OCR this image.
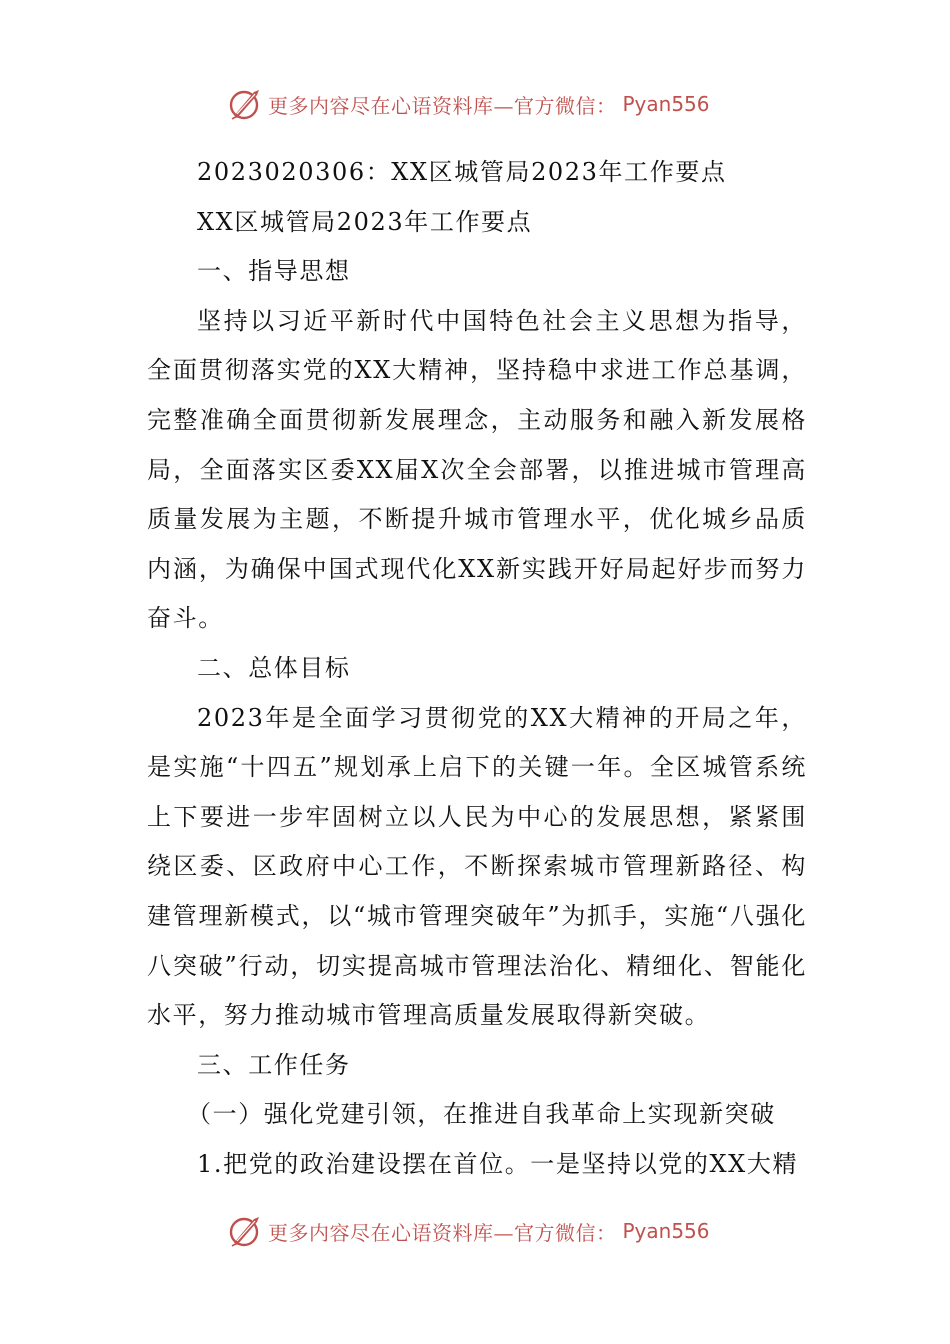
更多内容尽在心语资料库— 官方微信： Pyan556

2023020306：XX区城管局2023年工作要点

XX区城管局2023年工作要点

一、指导思想

坚持以习近平新时代中国特色社会主义思想为指导，全面贯彻落实党的XX大精神，坚持稳中求进工作总基调，完整准确全面贯彻新发展理念，主动服务和融入新发展格局，全面落实区委XX届X次全会部署，以推进城市管理高质量发展为主题，不断提升城市管理水平，优化城乡品质内涵，为确保中国式现代化XX新实践开好局起好步而努力奋斗。

二、总体目标

2023年是全面学习贯彻党的XX大精神的开局之年，是实施“十四五”规划承上启下的关键一年。全区城管系统上下要进一步牢固树立以人民为中心的发展思想，紧紧围绕区委、区政府中心工作，不断探索城市管理新路径、构建管理新模式，以“城市管理突破年”为抓手，实施“八强化八突破”行动，切实提高城市管理法治化、精细化、智能化水平，努力推动城市管理高质量发展取得新突破。

三、工作任务

（一）强化党建引领，在推进自我革命上实现新突破

1.把党的政治建设摆在首位。一是坚持以党的XX大精

更多内容尽在心语资料库— 官方微信： Pyan556
